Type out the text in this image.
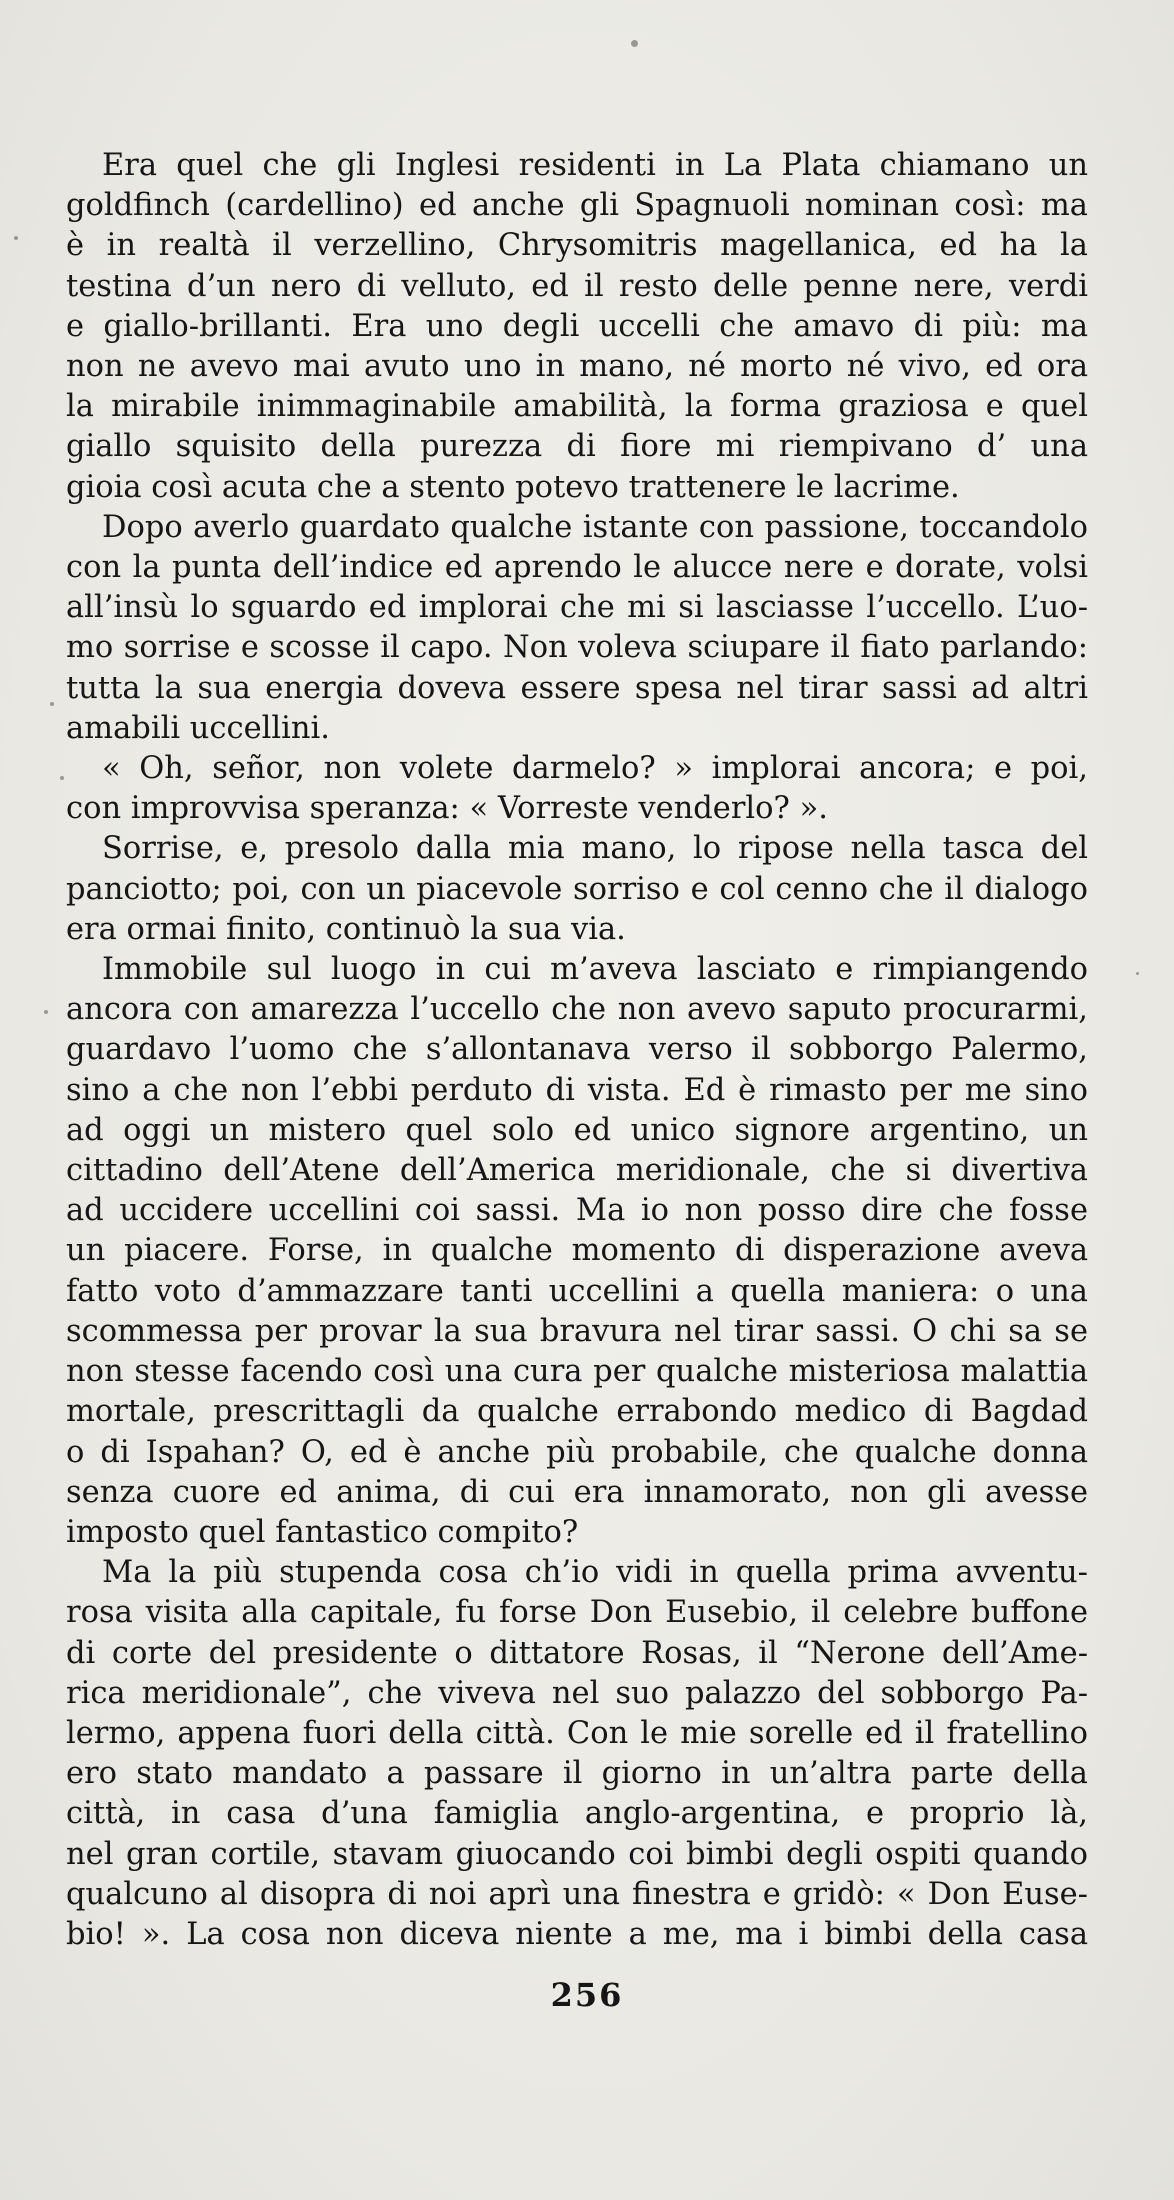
Era quel che gli Inglesi residenti in La Plata chiamano un
goldfinch (cardellino) ed anche gli Spagnuoli nominan così: ma
è in realtà il verzellino, Chrysomitris magellanica, ed ha la
testina d’un nero di velluto, ed il resto delle penne nere, verdi
e giallo-brillanti. Era uno degli uccelli che amavo di più: ma
non ne avevo mai avuto uno in mano, né morto né vivo, ed ora
la mirabile inimmaginabile amabilità, la forma graziosa e quel
giallo squisito della purezza di fiore mi riempivano d’ una
gioia così acuta che a stento potevo trattenere le lacrime.

Dopo averlo guardato qualche istante con passione, toccandolo
con la punta dell’indice ed aprendo le alucce nere e dorate, volsi
all’insù lo sguardo ed implorai che mi si lasciasse l’uccello. L’uo-
mo sorrise e scosse il capo. Non voleva sciupare il fiato parlando:
tutta la sua energia doveva essere spesa nel tirar sassi ad altri
amabili uccellini.

« Oh, señor, non volete darmelo? » implorai ancora; e poi,
con improvvisa speranza: « Vorreste venderlo? ».

Sorrise, e, presolo dalla mia mano, lo ripose nella tasca del
panciotto; poi, con un piacevole sorriso e col cenno che il dialogo
era ormai finito, continuò la sua via.

Immobile sul luogo in cui m’aveva lasciato e rimpiangendo
ancora con amarezza l’uccello che non avevo saputo procurarmi,
guardavo l’uomo che s’allontanava verso il sobborgo Palermo,
sino a che non l’ebbi perduto di vista. Ed è rimasto per me sino
ad oggi un mistero quel solo ed unico signore argentino, un
cittadino dell’Atene dell’America meridionale, che si divertiva
ad uccidere uccellini coi sassi. Ma io non posso dire che fosse
un piacere. Forse, in qualche momento di disperazione aveva
fatto voto d’ammazzare tanti uccellini a quella maniera: o una
scommessa per provar la sua bravura nel tirar sassi. O chi sa se
non stesse facendo così una cura per qualche misteriosa malattia
mortale, prescrittagli da qualche errabondo medico di Bagdad
o di Ispahan? O, ed è anche più probabile, che qualche donna
senza cuore ed anima, di cui era innamorato, non gli avesse
imposto quel fantastico compito?

Ma la più stupenda cosa ch’io vidi in quella prima avventu-
rosa visita alla capitale, fu forse Don Eusebio, il celebre buffone
di corte del presidente o dittatore Rosas, il “Nerone dell’Ame-
rica meridionale”, che viveva nel suo palazzo del sobborgo Pa-
lermo, appena fuori della città. Con le mie sorelle ed il fratellino
ero stato mandato a passare il giorno in un’altra parte della
città, in casa d’una famiglia anglo-argentina, e proprio là,
nel gran cortile, stavam giuocando coi bimbi degli ospiti quando
qualcuno al disopra di noi aprì una finestra e gridò: « Don Euse-
bio! ». La cosa non diceva niente a me, ma i bimbi della casa

256
